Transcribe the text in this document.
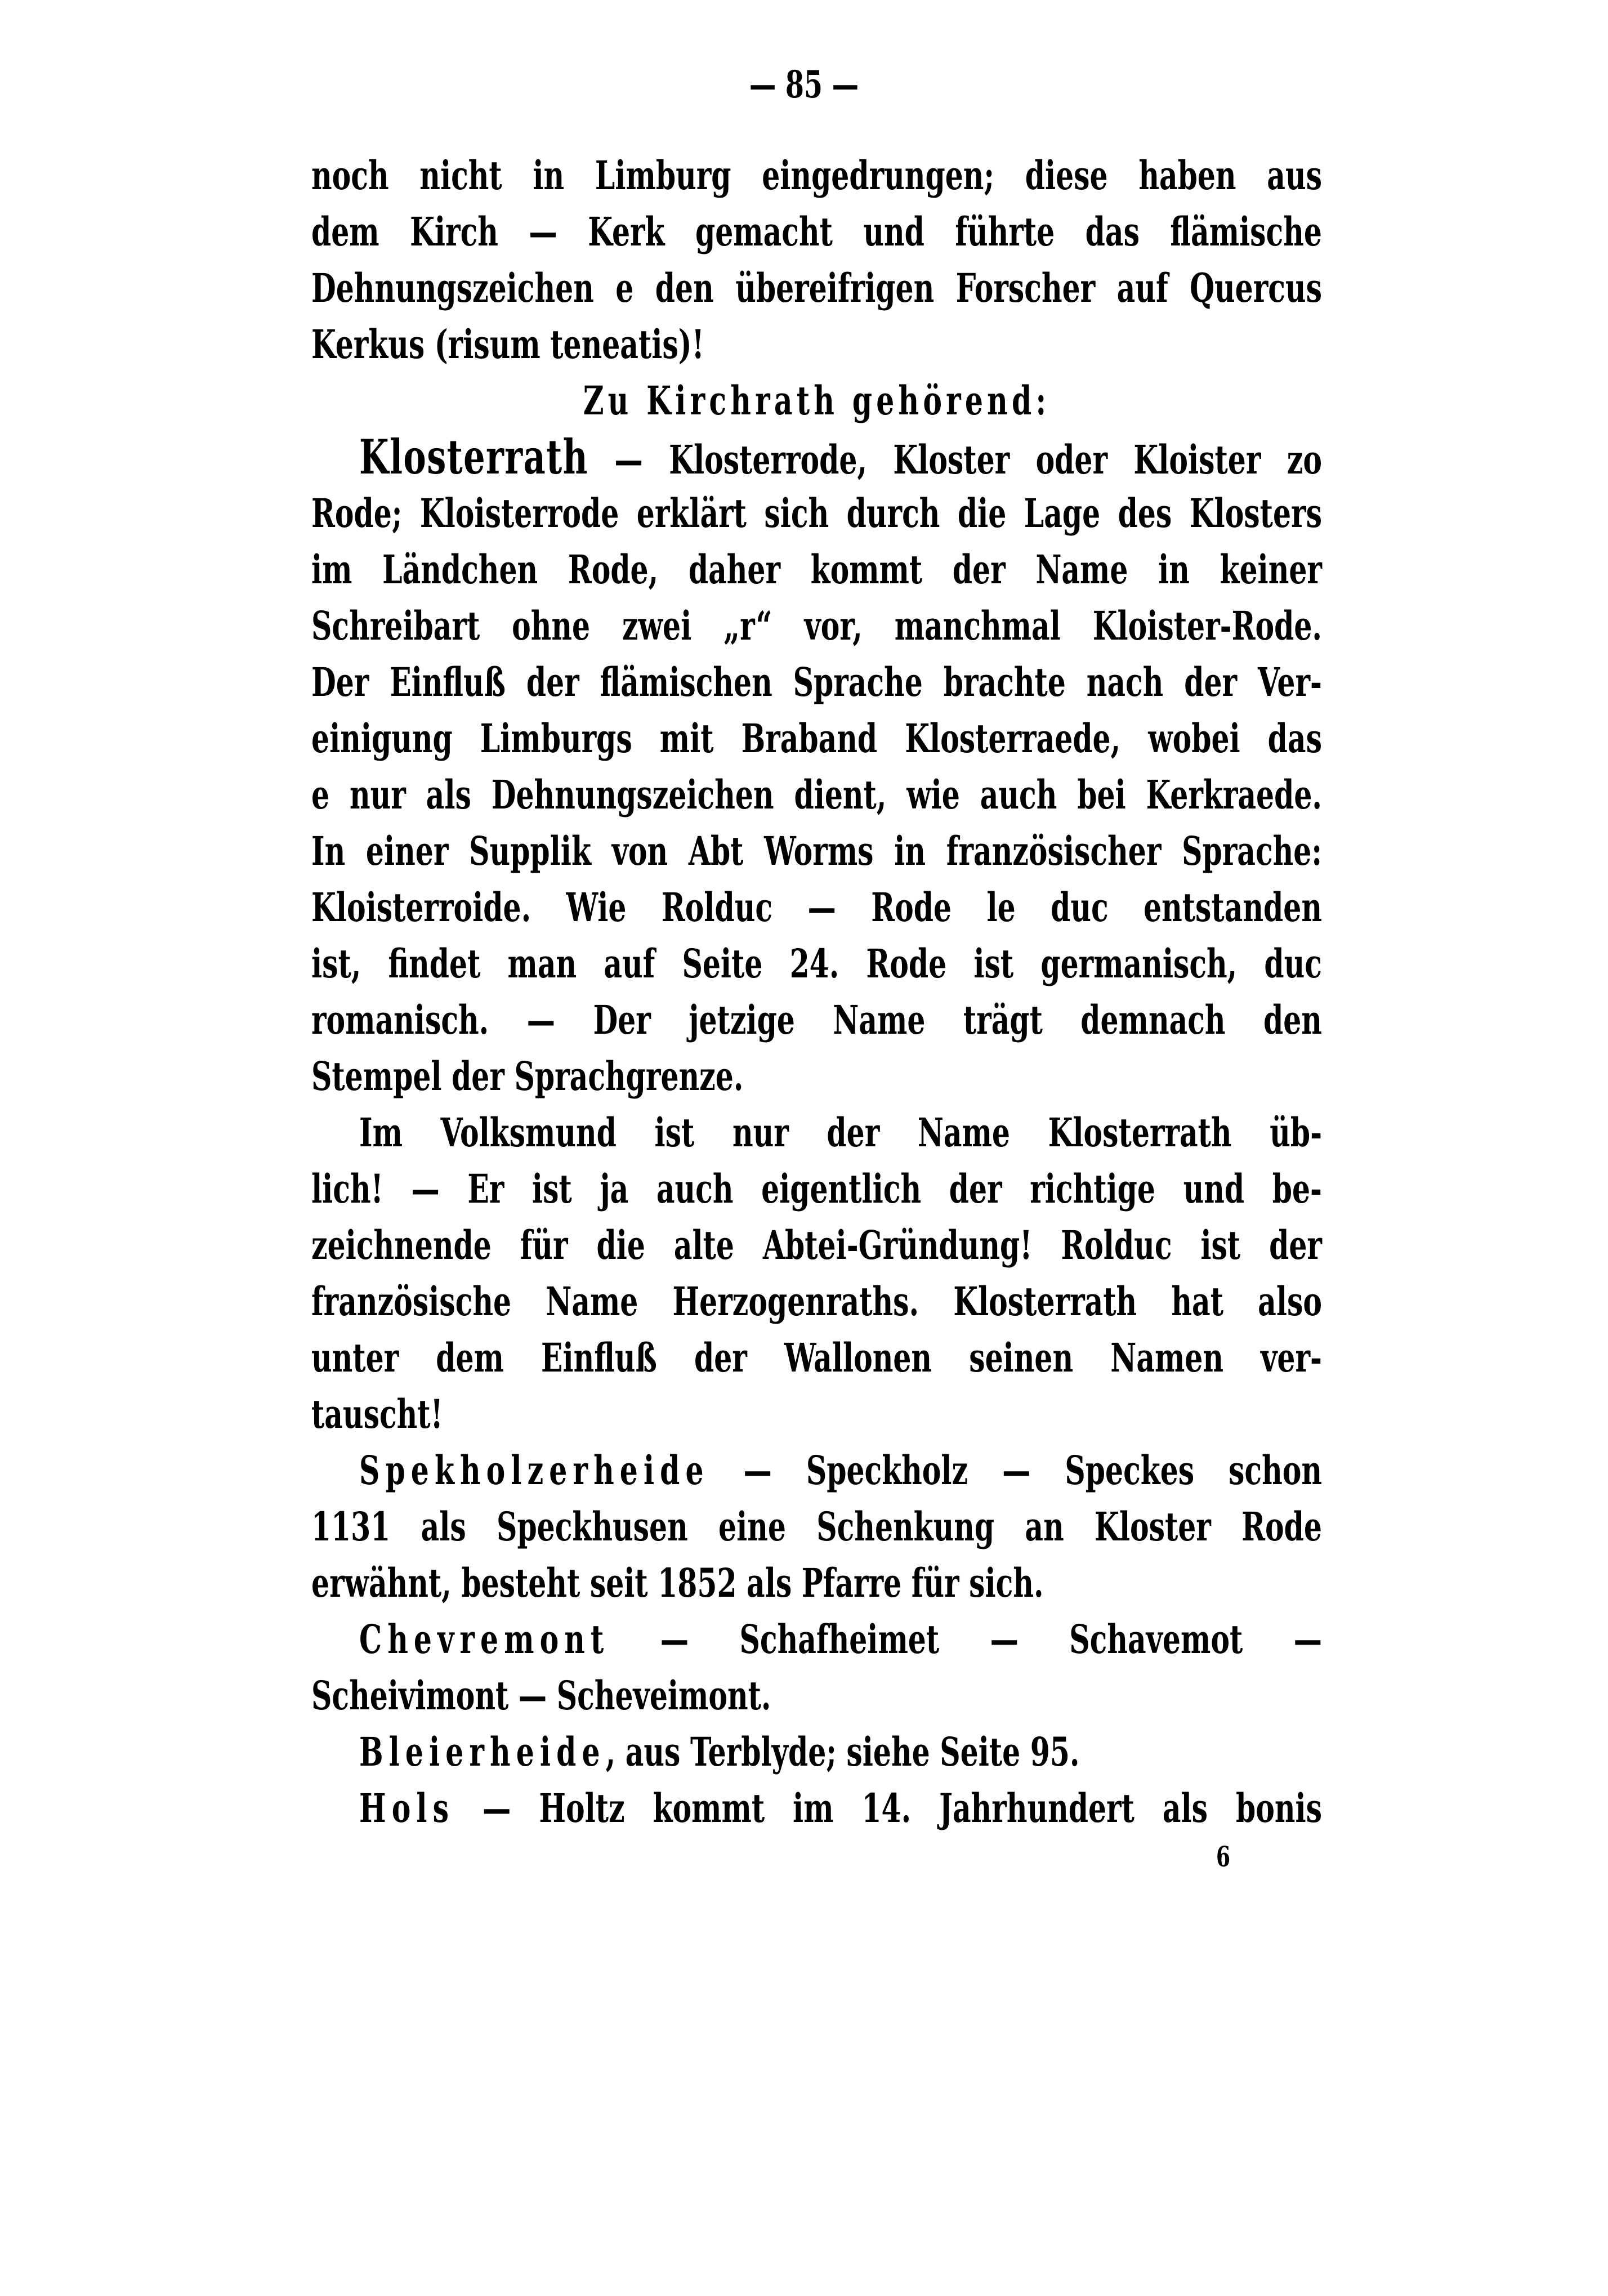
— 85 —
noch nicht in Limburg eingedrungen; diese haben aus
dem Kirch — Kerk gemacht und führte das flämische
Dehnungszeichen e den übereifrigen Forscher auf Quercus
Kerkus (risum teneatis)!
Zu Kirchrath gehörend:
Klosterrath — Klosterrode, Kloster oder Kloister zo
Rode; Kloisterrode erklärt sich durch die Lage des Klosters
im Ländchen Rode, daher kommt der Name in keiner
Schreibart ohne zwei „r“ vor, manchmal Kloister-Rode.
Der Einfluß der flämischen Sprache brachte nach der Ver-
einigung Limburgs mit Braband Klosterraede, wobei das
e nur als Dehnungszeichen dient, wie auch bei Kerkraede.
In einer Supplik von Abt Worms in französischer Sprache:
Kloisterroide. Wie Rolduc — Rode le duc entstanden
ist, findet man auf Seite 24. Rode ist germanisch, duc
romanisch. — Der jetzige Name trägt demnach den
Stempel der Sprachgrenze.
Im Volksmund ist nur der Name Klosterrath üb-
lich! — Er ist ja auch eigentlich der richtige und be-
zeichnende für die alte Abtei-Gründung! Rolduc ist der
französische Name Herzogenraths. Klosterrath hat also
unter dem Einfluß der Wallonen seinen Namen ver-
tauscht!
Spekholzerheide — Speckholz — Speckes schon
1131 als Speckhusen eine Schenkung an Kloster Rode
erwähnt, besteht seit 1852 als Pfarre für sich.
Chevremont — Schafheimet — Schavemot —
Scheivimont — Scheveimont.
Bleierheide, aus Terblyde; siehe Seite 95.
Hols — Holtz kommt im 14. Jahrhundert als bonis
6
